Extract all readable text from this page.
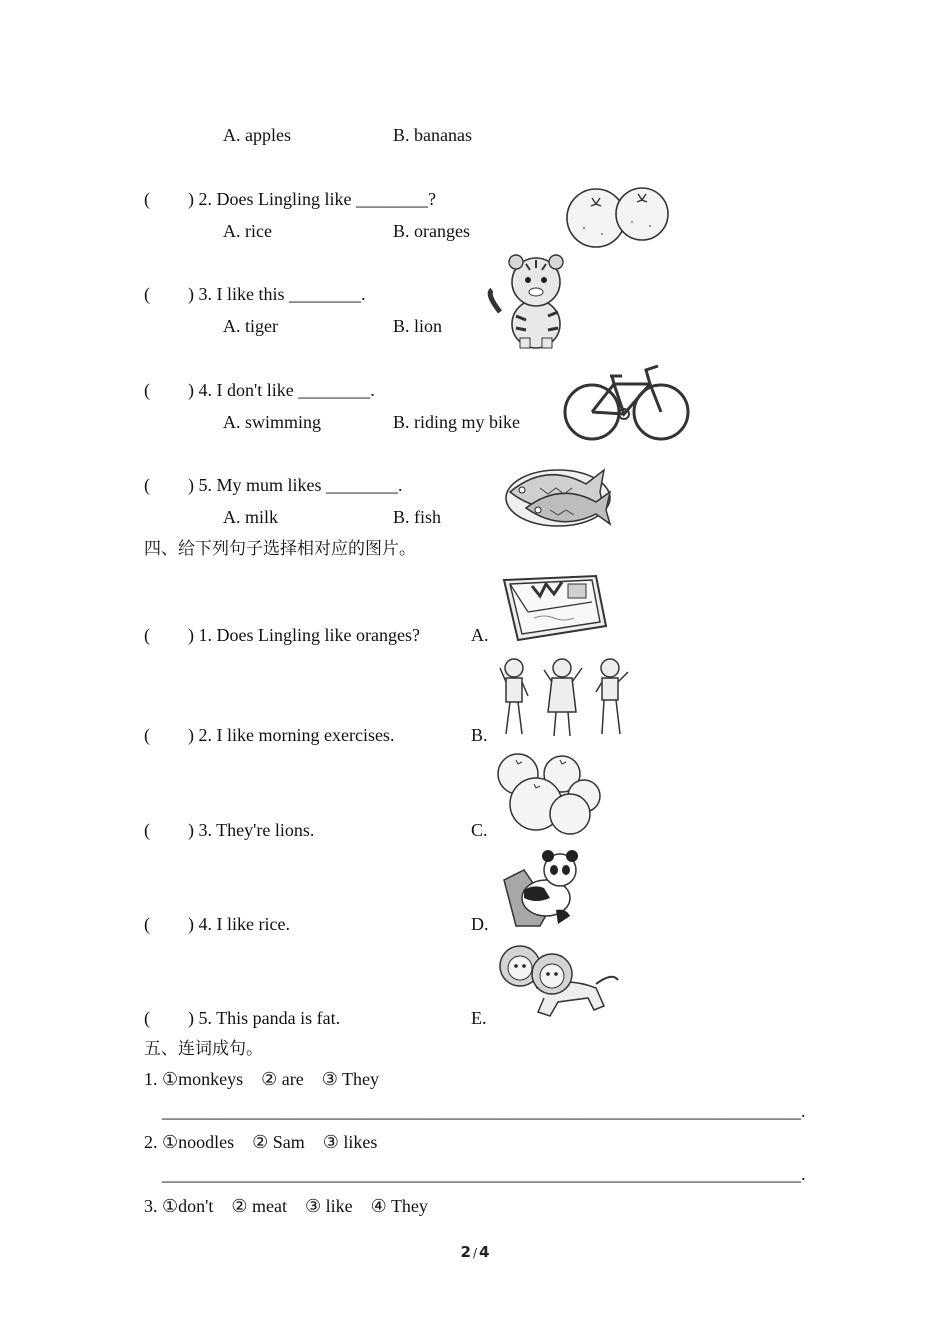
A. apples	B. bananas
( ) 2. Does Lingling like ________?
A. rice	B. oranges
( ) 3. I like this ________.
A. tiger	B. lion
( ) 4. I don't like ________.
A. swimming	B. riding my bike
( ) 5. My mum likes ________.
A. milk	B. fish
四、给下列句子选择相对应的图片。
( ) 1. Does Lingling like oranges?	A.
( ) 2. I like morning exercises.	B.
( ) 3. They're lions.	C.
( ) 4. I like rice.	D.
( ) 5. This panda is fat.	E.
五、连词成句。
1. ①monkeys    ② are    ③ They
_______________________________________________________________________.
2. ①noodles    ② Sam    ③ likes
_______________________________________________________________________.
3. ①don't    ② meat    ③ like    ④ They
2 / 4
